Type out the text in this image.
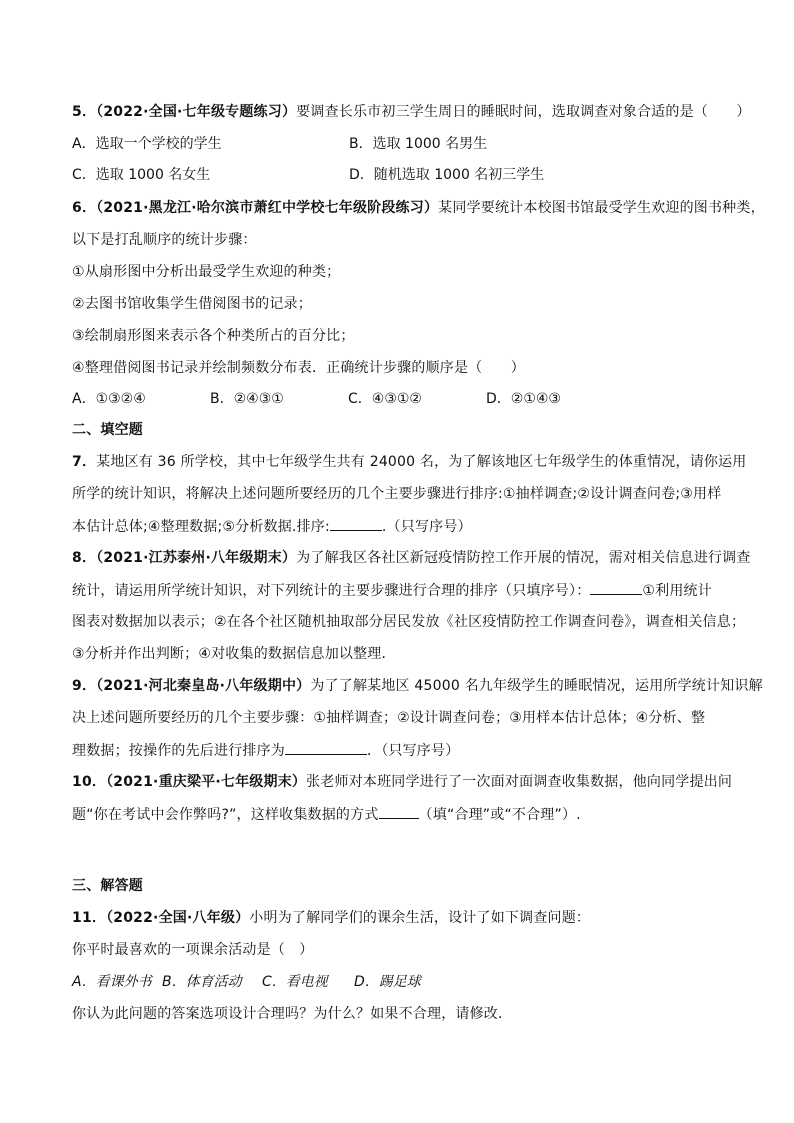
5．（2022·全国·七年级专题练习）要调查长乐市初三学生周日的睡眠时间，选取调查对象合适的是（　　）
A．选取一个学校的学生	B．选取 1000 名男生
C．选取 1000 名女生	D．随机选取 1000 名初三学生
6．（2021·黑龙江·哈尔滨市萧红中学校七年级阶段练习）某同学要统计本校图书馆最受学生欢迎的图书种类，
以下是打乱顺序的统计步骤：
①从扇形图中分析出最受学生欢迎的种类；
②去图书馆收集学生借阅图书的记录；
③绘制扇形图来表示各个种类所占的百分比；
④整理借阅图书记录并绘制频数分布表．正确统计步骤的顺序是（　　）
A．①③②④	B．②④③①	C．④③①②	D．②①④③
二、填空题
7．某地区有 36 所学校，其中七年级学生共有 24000 名，为了解该地区七年级学生的体重情况，请你运用
所学的统计知识，将解决上述问题所要经历的几个主要步骤进行排序:①抽样调查;②设计调查问卷;③用样
本估计总体;④整理数据;⑤分析数据.排序:	.（只写序号）
8．（2021·江苏泰州·八年级期末）为了解我区各社区新冠疫情防控工作开展的情况，需对相关信息进行调查
统计，请运用所学统计知识，对下列统计的主要步骤进行合理的排序（只填序号）：	①利用统计
图表对数据加以表示；②在各个社区随机抽取部分居民发放《社区疫情防控工作调查问卷》，调查相关信息；
③分析并作出判断；④对收集的数据信息加以整理．
9．（2021·河北秦皇岛·八年级期中）为了了解某地区 45000 名九年级学生的睡眠情况，运用所学统计知识解
决上述问题所要经历的几个主要步骤：①抽样调查；②设计调查问卷；③用样本估计总体；④分析、整
理数据；按操作的先后进行排序为	．（只写序号）
10．（2021·重庆梁平·七年级期末）张老师对本班同学进行了一次面对面调查收集数据，他向同学提出问
题“你在考试中会作弊吗?”，这样收集数据的方式	（填“合理”或“不合理”）.
三、解答题
11．（2022·全国·八年级）小明为了解同学们的课余生活，设计了如下调查问题：
你平时最喜欢的一项课余活动是（　）
A．看课外书 B．体育活动 C．看电视 D．踢足球
你认为此问题的答案选项设计合理吗？为什么？如果不合理，请修改．
